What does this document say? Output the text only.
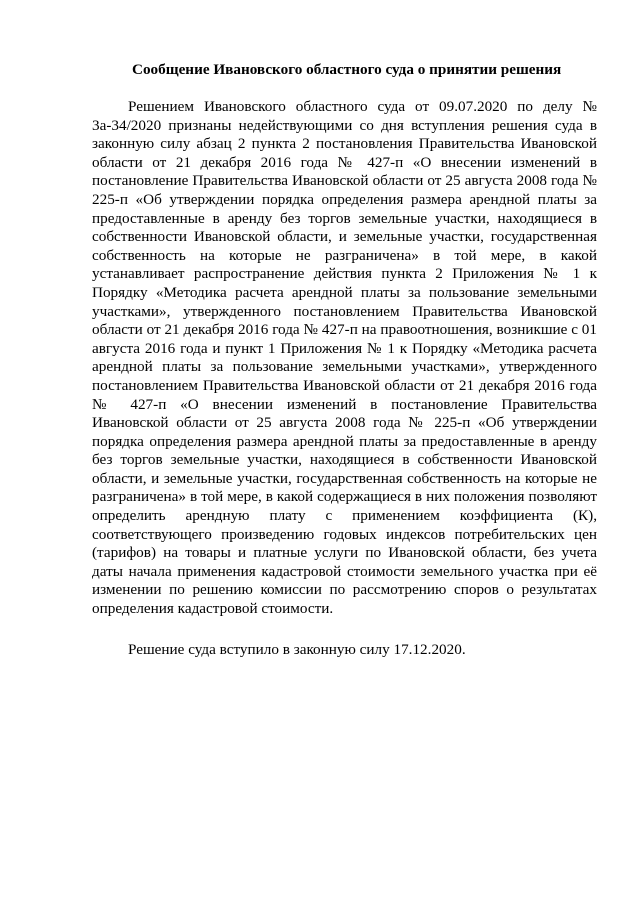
Сообщение Ивановского областного суда о принятии решения

Решением Ивановского областного суда от 09.07.2020 по делу № 3а-34/2020 признаны недействующими со дня вступления решения суда в законную силу абзац 2 пункта 2 постановления Правительства Ивановской области от 21 декабря 2016 года № 427-п «О внесении изменений в постановление Правительства Ивановской области от 25 августа 2008 года № 225-п «Об утверждении порядка определения размера арендной платы за предоставленные в аренду без торгов земельные участки, находящиеся в собственности Ивановской области, и земельные участки, государственная собственность на которые не разграничена» в той мере, в какой устанавливает распространение действия пункта 2 Приложения № 1 к Порядку «Методика расчета арендной платы за пользование земельными участками», утвержденного постановлением Правительства Ивановской области от 21 декабря 2016 года № 427-п на правоотношения, возникшие с 01 августа 2016 года и пункт 1 Приложения № 1 к Порядку «Методика расчета арендной платы за пользование земельными участками», утвержденного постановлением Правительства Ивановской области от 21 декабря 2016 года № 427-п «О внесении изменений в постановление Правительства Ивановской области от 25 августа 2008 года № 225-п «Об утверждении порядка определения размера арендной платы за предоставленные в аренду без торгов земельные участки, находящиеся в собственности Ивановской области, и земельные участки, государственная собственность на которые не разграничена» в той мере, в какой содержащиеся в них положения позволяют определить арендную плату с применением коэффициента (К), соответствующего произведению годовых индексов потребительских цен (тарифов) на товары и платные услуги по Ивановской области, без учета даты начала применения кадастровой стоимости земельного участка при её изменении по решению комиссии по рассмотрению споров о результатах определения кадастровой стоимости.

Решение суда вступило в законную силу 17.12.2020.
